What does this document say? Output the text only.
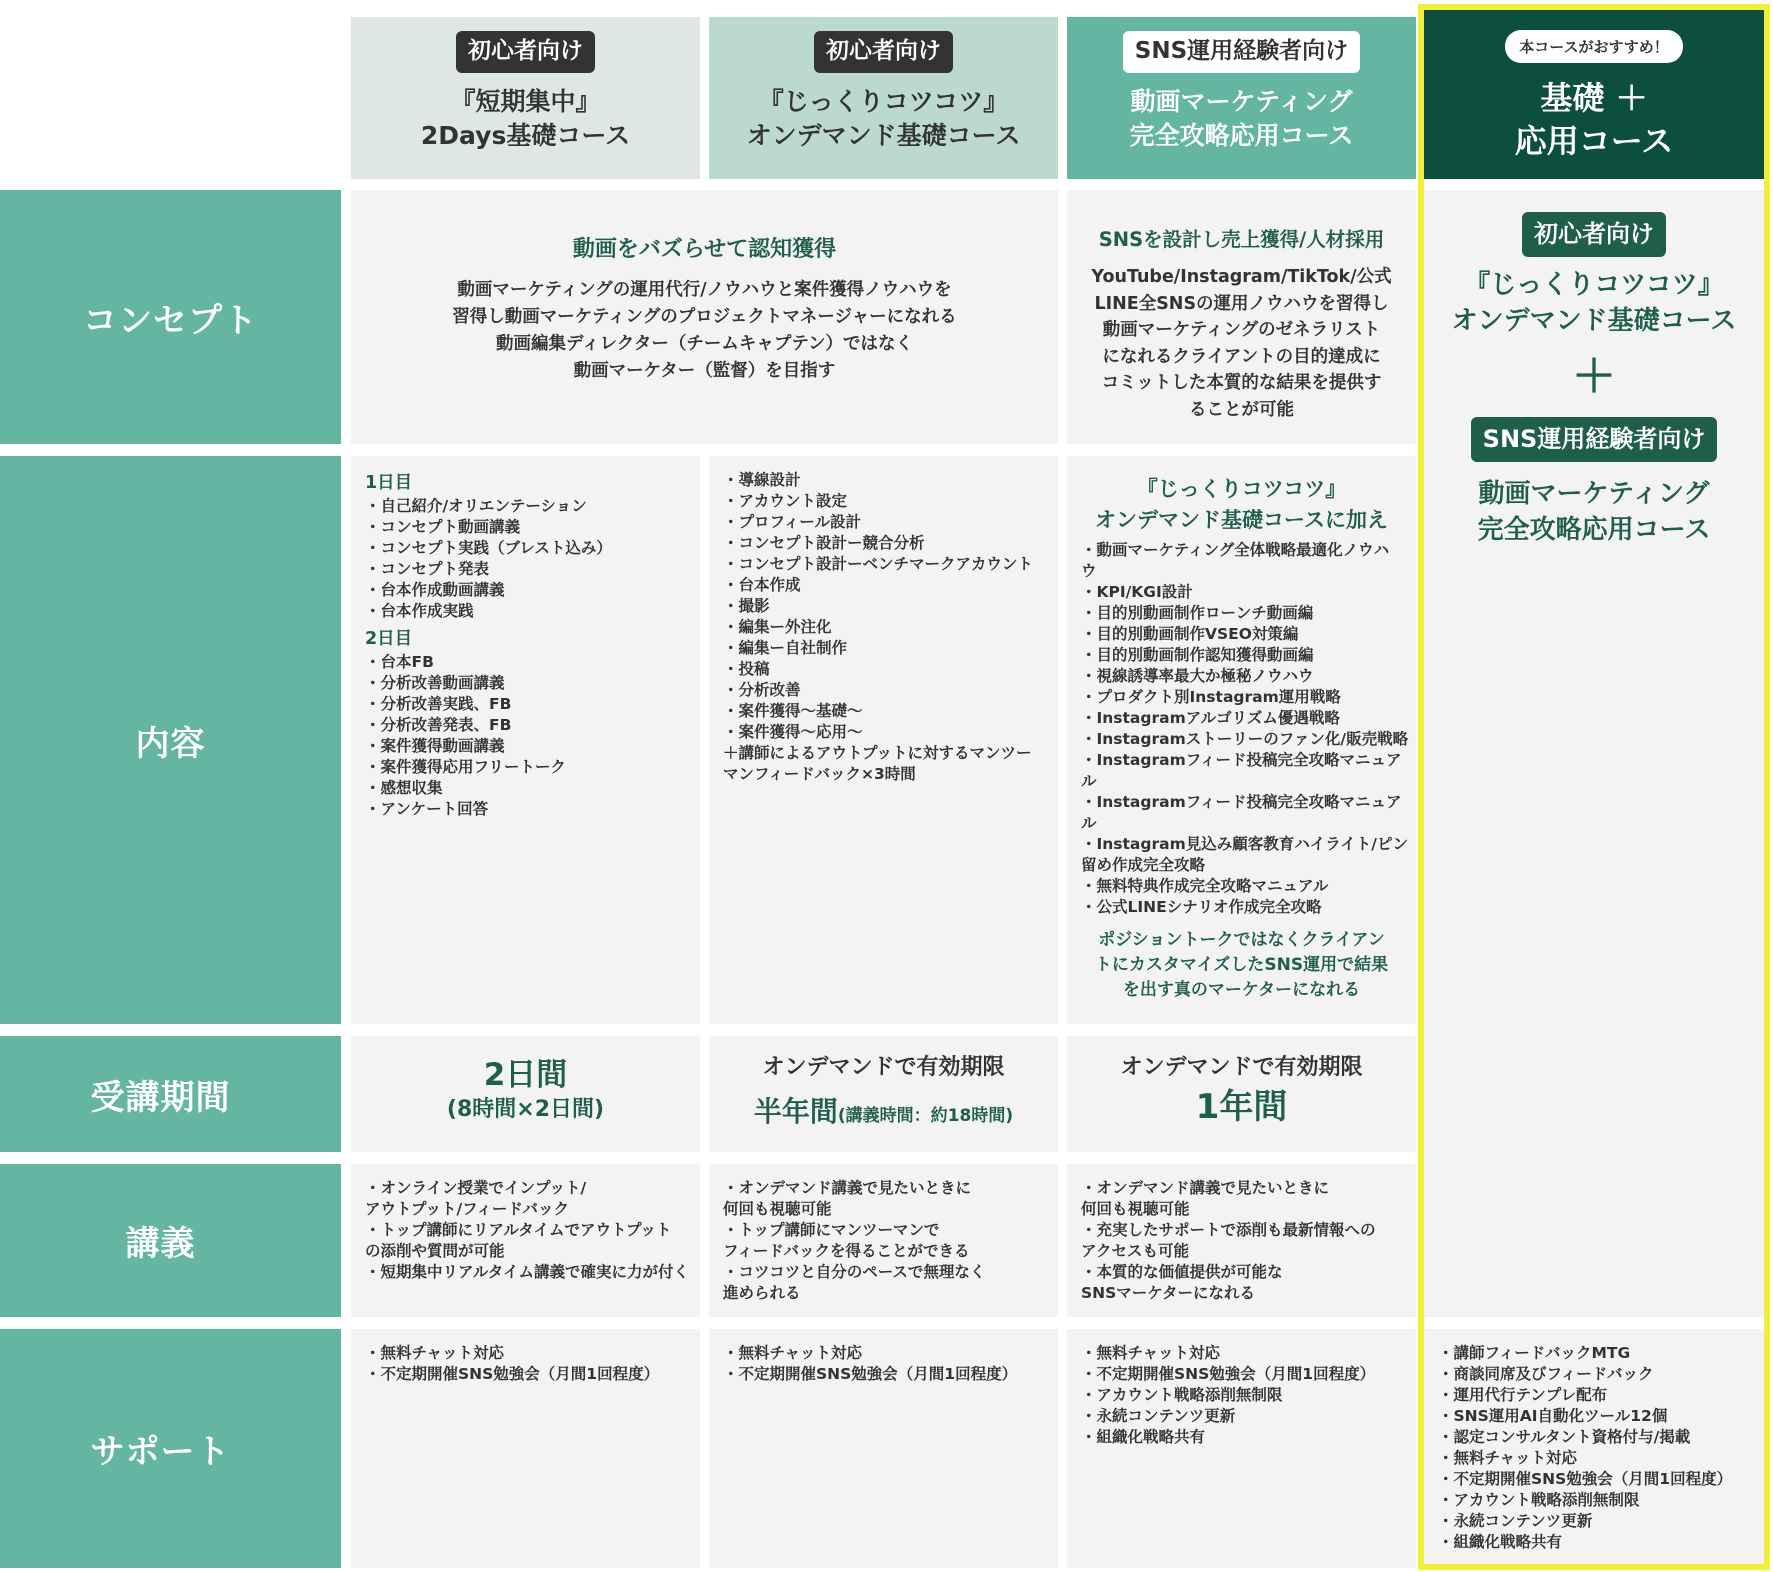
初心者向け
『短期集中』
2Days基礎コース
初心者向け
『じっくりコツコツ』
オンデマンド基礎コース
SNS運用経験者向け
動画マーケティング
完全攻略応用コース
本コースがおすすめ！
基礎 ＋
応用コース
コンセプト
内容
受講期間
講義
サポート
動画をバズらせて認知獲得
動画マーケティングの運用代行/ノウハウと案件獲得ノウハウを
習得し動画マーケティングのプロジェクトマネージャーになれる
動画編集ディレクター（チームキャプテン）ではなく
動画マーケター（監督）を目指す
SNSを設計し売上獲得/人材採用
YouTube/Instagram/TikTok/公式
LINE全SNSの運用ノウハウを習得し
動画マーケティングのゼネラリスト
になれるクライアントの目的達成に
コミットした本質的な結果を提供す
ることが可能
初心者向け
『じっくりコツコツ』
オンデマンド基礎コース
＋
SNS運用経験者向け
動画マーケティング
完全攻略応用コース
1日目
・自己紹介/オリエンテーション
・コンセプト動画講義
・コンセプト実践（ブレスト込み）
・コンセプト発表
・台本作成動画講義
・台本作成実践
2日目
・台本FB
・分析改善動画講義
・分析改善実践、FB
・分析改善発表、FB
・案件獲得動画講義
・案件獲得応用フリートーク
・感想収集
・アンケート回答
・導線設計
・アカウント設定
・プロフィール設計
・コンセプト設計ー競合分析
・コンセプト設計ーベンチマークアカウント
・台本作成
・撮影
・編集ー外注化
・編集ー自社制作
・投稿
・分析改善
・案件獲得〜基礎〜
・案件獲得〜応用〜
＋講師によるアウトプットに対するマンツー
マンフィードバック×3時間
『じっくりコツコツ』
オンデマンド基礎コースに加え
・動画マーケティング全体戦略最適化ノウハ
ウ
・KPI/KGI設計
・目的別動画制作ローンチ動画編
・目的別動画制作VSEO対策編
・目的別動画制作認知獲得動画編
・視線誘導率最大か極秘ノウハウ
・プロダクト別Instagram運用戦略
・Instagramアルゴリズム優遇戦略
・Instagramストーリーのファン化/販売戦略
・Instagramフィード投稿完全攻略マニュア
ル
・Instagramフィード投稿完全攻略マニュア
ル
・Instagram見込み顧客教育ハイライト/ピン
留め作成完全攻略
・無料特典作成完全攻略マニュアル
・公式LINEシナリオ作成完全攻略
ポジショントークではなくクライアン
トにカスタマイズしたSNS運用で結果
を出す真のマーケターになれる
2日間
(8時間×2日間)
オンデマンドで有効期限
半年間(講義時間：約18時間)
オンデマンドで有効期限
1年間
・オンライン授業でインプット/
アウトプット/フィードバック
・トップ講師にリアルタイムでアウトプット
の添削や質問が可能
・短期集中リアルタイム講義で確実に力が付く
・オンデマンド講義で見たいときに
何回も視聴可能
・トップ講師にマンツーマンで
フィードバックを得ることができる
・コツコツと自分のペースで無理なく
進められる
・オンデマンド講義で見たいときに
何回も視聴可能
・充実したサポートで添削も最新情報への
アクセスも可能
・本質的な価値提供が可能な
SNSマーケターになれる
・無料チャット対応
・不定期開催SNS勉強会（月間1回程度）
・無料チャット対応
・不定期開催SNS勉強会（月間1回程度）
・無料チャット対応
・不定期開催SNS勉強会（月間1回程度）
・アカウント戦略添削無制限
・永続コンテンツ更新
・組織化戦略共有
・講師フィードバックMTG
・商談同席及びフィードバック
・運用代行テンプレ配布
・SNS運用AI自動化ツール12個
・認定コンサルタント資格付与/掲載
・無料チャット対応
・不定期開催SNS勉強会（月間1回程度）
・アカウント戦略添削無制限
・永続コンテンツ更新
・組織化戦略共有
